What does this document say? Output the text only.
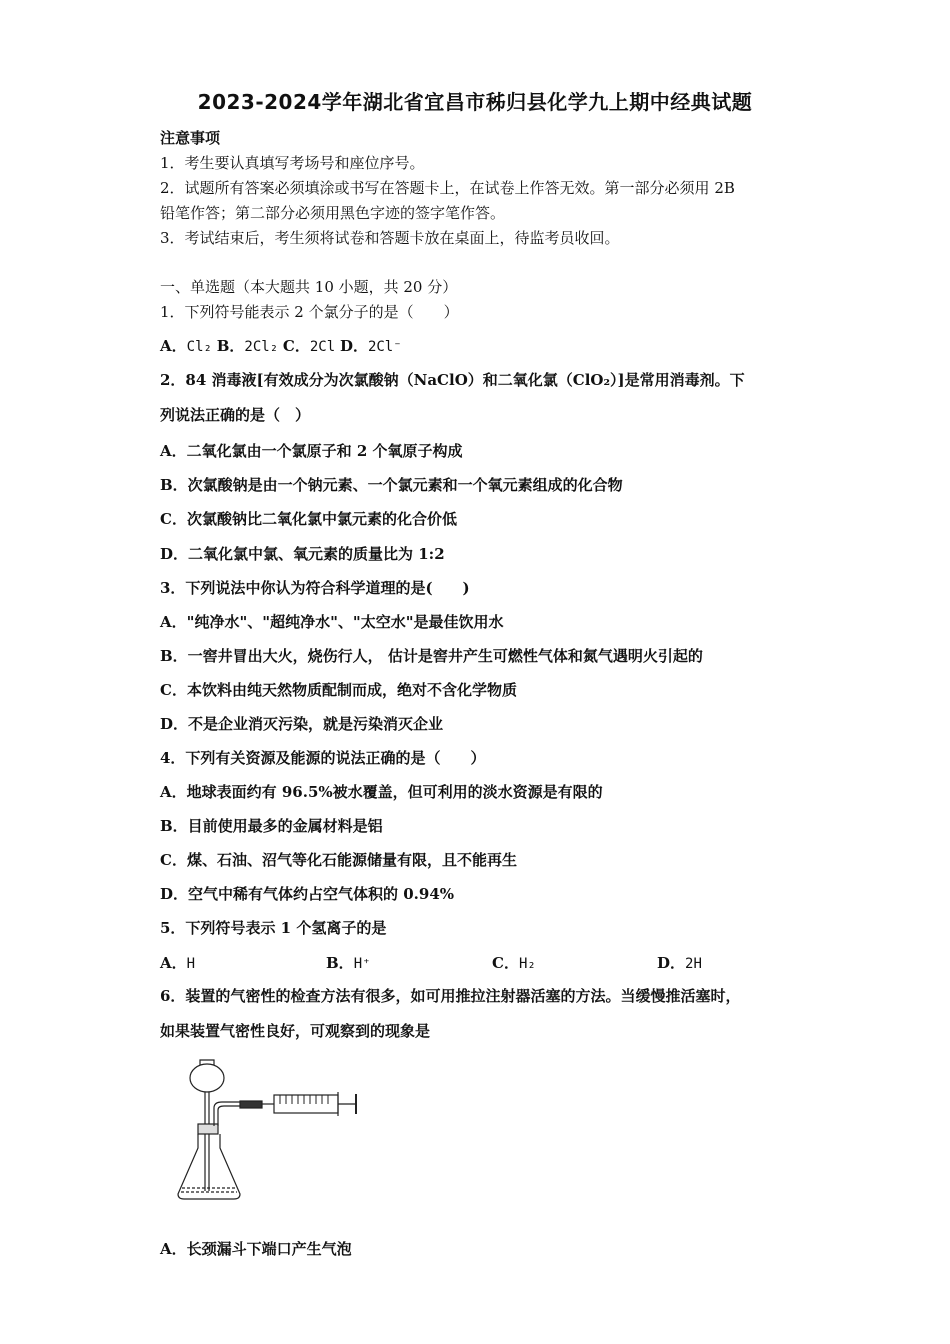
2023-2024学年湖北省宜昌市秭归县化学九上期中经典试题
注意事项
1．考生要认真填写考场号和座位序号。
2．试题所有答案必须填涂或书写在答题卡上，在试卷上作答无效。第一部分必须用 2B
铅笔作答；第二部分必须用黑色字迹的签字笔作答。
3．考试结束后，考生须将试卷和答题卡放在桌面上，待监考员收回。
一、单选题（本大题共 10 小题，共 20 分）
1．下列符号能表示 2 个氯分子的是（　　）
A．Cl₂ B．2Cl₂ C．2Cl D．2Cl⁻
2．84 消毒液[有效成分为次氯酸钠（NaClO）和二氧化氯（ClO₂）]是常用消毒剂。下
列说法正确的是（　）
A．二氧化氯由一个氯原子和 2 个氧原子构成
B．次氯酸钠是由一个钠元素、一个氯元素和一个氧元素组成的化合物
C．次氯酸钠比二氧化氯中氯元素的化合价低
D．二氧化氯中氯、氧元素的质量比为 1:2
3．下列说法中你认为符合科学道理的是(　　)
A．"纯净水"、"超纯净水"、"太空水"是最佳饮用水
B．一窖井冒出大火，烧伤行人， 估计是窖井产生可燃性气体和氮气遇明火引起的
C．本饮料由纯天然物质配制而成，绝对不含化学物质
D．不是企业消灭污染，就是污染消灭企业
4．下列有关资源及能源的说法正确的是（　　）
A．地球表面约有 96.5%被水覆盖，但可利用的淡水资源是有限的
B．目前使用最多的金属材料是铝
C．煤、石油、沼气等化石能源储量有限，且不能再生
D．空气中稀有气体约占空气体积的 0.94%
5．下列符号表示 1 个氢离子的是
A．H	B．H⁺	C．H₂	D．2H
6．装置的气密性的检查方法有很多，如可用推拉注射器活塞的方法。当缓慢推活塞时，
如果装置气密性良好，可观察到的现象是
A．长颈漏斗下端口产生气泡
